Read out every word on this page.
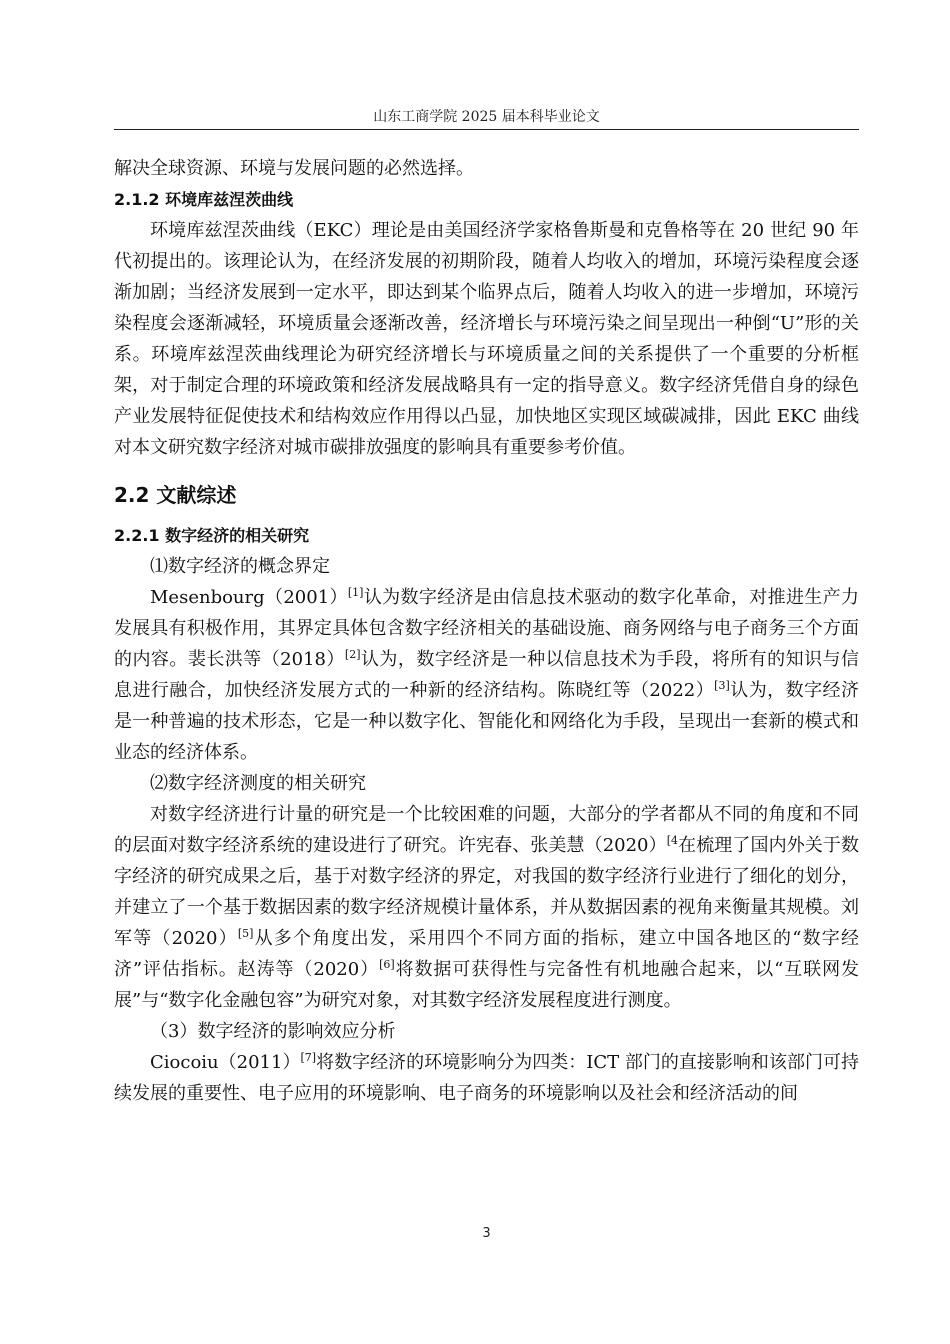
山东工商学院 2025 届本科毕业论文

解决全球资源、环境与发展问题的必然选择。

2.1.2 环境库兹涅茨曲线

环境库兹涅茨曲线（EKC）理论是由美国经济学家格鲁斯曼和克鲁格等在 20 世纪 90 年代初提出的。该理论认为，在经济发展的初期阶段，随着人均收入的增加，环境污染程度会逐渐加剧；当经济发展到一定水平，即达到某个临界点后，随着人均收入的进一步增加，环境污染程度会逐渐减轻，环境质量会逐渐改善，经济增长与环境污染之间呈现出一种倒“U”形的关系。环境库兹涅茨曲线理论为研究经济增长与环境质量之间的关系提供了一个重要的分析框架，对于制定合理的环境政策和经济发展战略具有一定的指导意义。数字经济凭借自身的绿色产业发展特征促使技术和结构效应作用得以凸显，加快地区实现区域碳减排，因此 EKC 曲线对本文研究数字经济对城市碳排放强度的影响具有重要参考价值。

2.2 文献综述
2.2.1 数字经济的相关研究

⑴数字经济的概念界定

Mesenbourg（2001）[1]认为数字经济是由信息技术驱动的数字化革命，对推进生产力发展具有积极作用，其界定具体包含数字经济相关的基础设施、商务网络与电子商务三个方面的内容。裴长洪等（2018）[2]认为，数字经济是一种以信息技术为手段，将所有的知识与信息进行融合，加快经济发展方式的一种新的经济结构。陈晓红等（2022）[3]认为，数字经济是一种普遍的技术形态，它是一种以数字化、智能化和网络化为手段，呈现出一套新的模式和业态的经济体系。

⑵数字经济测度的相关研究

对数字经济进行计量的研究是一个比较困难的问题，大部分的学者都从不同的角度和不同的层面对数字经济系统的建设进行了研究。许宪春、张美慧$(2020)^{[4}$在梳理了国内外关于数字经济的研究成果之后，基于对数字经济的界定，对我国的数字经济行业进行了细化的划分，并建立了一个基于数据因素的数字经济规模计量体系，并从数据因素的视角来衡量其规模。刘军等（2020）[5]从多个角度出发，采用四个不同方面的指标，建立中国各地区的“数字经济”评估指标。赵涛等（2020）[6]将数据可获得性与完备性有机地融合起来，以“互联网发展”与“数字化金融包容”为研究对象，对其数字经济发展程度进行测度。

（3）数字经济的影响效应分析

Ciocoiu（2011）[7]将数字经济的环境影响分为四类：ICT 部门的直接影响和该部门可持续发展的重要性、电子应用的环境影响、电子商务的环境影响以及社会和经济活动的间

3
